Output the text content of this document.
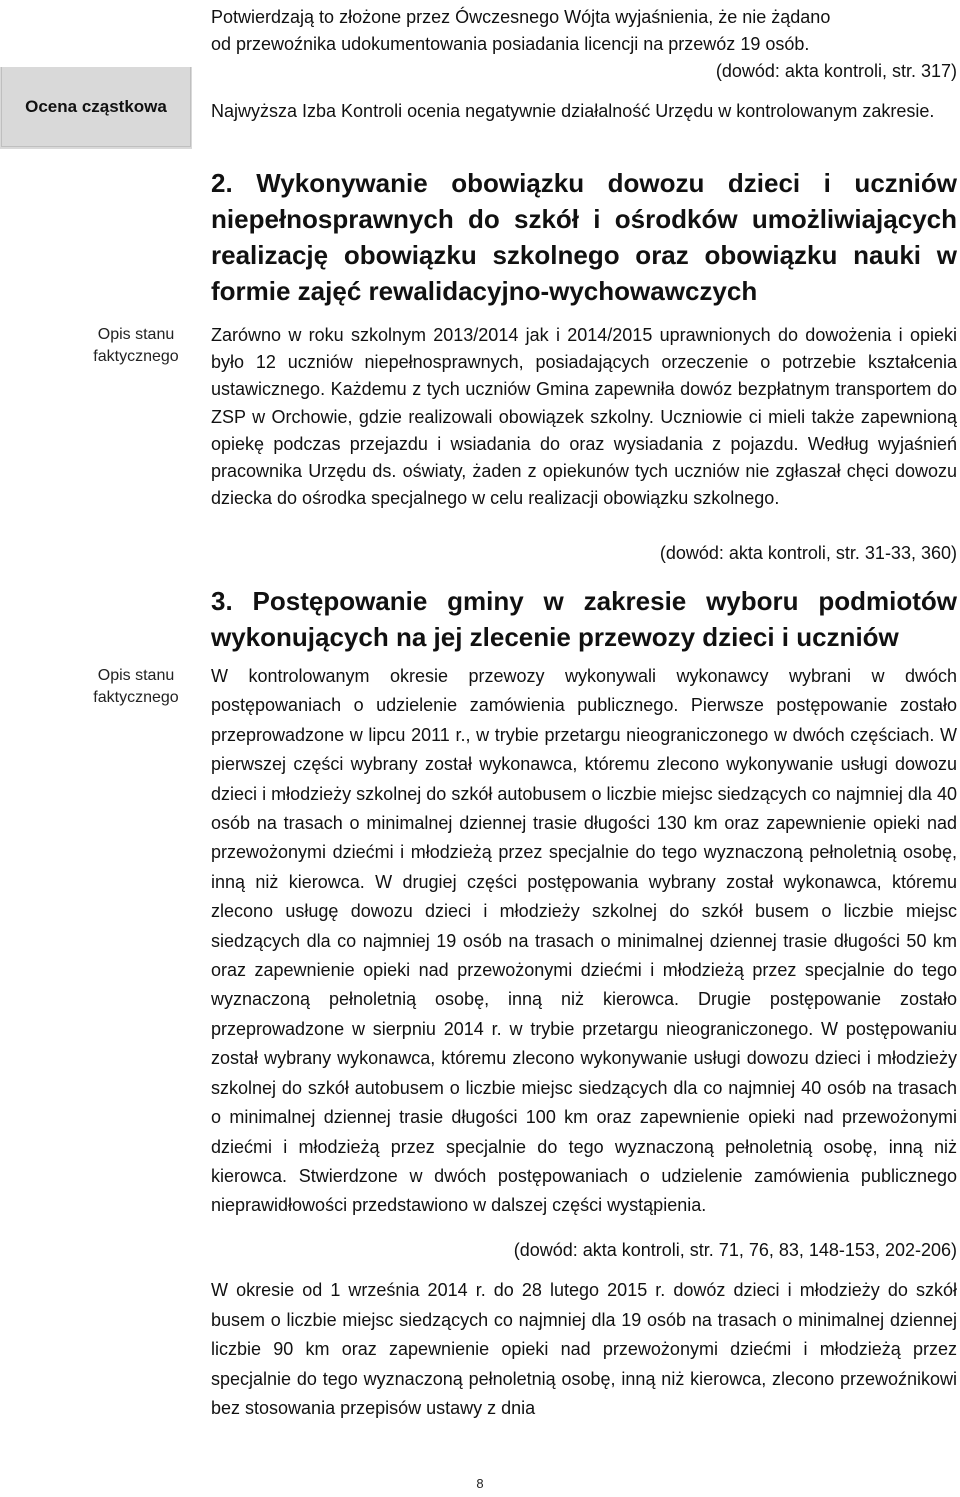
Ocena cząstkowa
Opis stanu faktycznego
Opis stanu faktycznego
Potwierdzają to złożone przez Ówczesnego Wójta wyjaśnienia, że nie żądano
od przewoźnika udokumentowania posiadania licencji na przewóz 19 osób.
(dowód: akta kontroli, str. 317)
Najwyższa Izba Kontroli ocenia negatywnie działalność Urzędu w kontrolowanym zakresie.
2. Wykonywanie obowiązku dowozu dzieci i uczniów niepełnosprawnych do szkół i ośrodków umożliwiających realizację obowiązku szkolnego oraz obowiązku nauki w formie zajęć rewalidacyjno-wychowawczych
Zarówno w roku szkolnym 2013/2014 jak i 2014/2015 uprawnionych do dowożenia i opieki było 12 uczniów niepełnosprawnych, posiadających orzeczenie o potrzebie kształcenia ustawicznego. Każdemu z tych uczniów Gmina zapewniła dowóz bezpłatnym transportem do ZSP w Orchowie, gdzie realizowali obowiązek szkolny. Uczniowie ci mieli także zapewnioną opiekę podczas przejazdu i wsiadania do oraz wysiadania z pojazdu. Według wyjaśnień pracownika Urzędu ds. oświaty, żaden z opiekunów tych uczniów nie zgłaszał chęci dowozu dziecka do ośrodka specjalnego w celu realizacji obowiązku szkolnego.
(dowód: akta kontroli, str. 31-33, 360)
3. Postępowanie gminy w zakresie wyboru podmiotów wykonujących na jej zlecenie przewozy dzieci i uczniów
W kontrolowanym okresie przewozy wykonywali wykonawcy wybrani w dwóch postępowaniach o udzielenie zamówienia publicznego. Pierwsze postępowanie zostało przeprowadzone w lipcu 2011 r., w trybie przetargu nieograniczonego w dwóch częściach. W pierwszej części wybrany został wykonawca, któremu zlecono wykonywanie usługi dowozu dzieci i młodzieży szkolnej do szkół autobusem o liczbie miejsc siedzących co najmniej dla 40 osób na trasach o minimalnej dziennej trasie długości 130 km oraz zapewnienie opieki nad przewożonymi dziećmi i młodzieżą przez specjalnie do tego wyznaczoną pełnoletnią osobę, inną niż kierowca. W drugiej części postępowania wybrany został wykonawca, któremu zlecono usługę dowozu dzieci i młodzieży szkolnej do szkół busem o liczbie miejsc siedzących dla co najmniej 19 osób na trasach o minimalnej dziennej trasie długości 50 km oraz zapewnienie opieki nad przewożonymi dziećmi i młodzieżą przez specjalnie do tego wyznaczoną pełnoletnią osobę, inną niż kierowca. Drugie postępowanie zostało przeprowadzone w sierpniu 2014 r. w trybie przetargu nieograniczonego. W postępowaniu został wybrany wykonawca, któremu zlecono wykonywanie usługi dowozu dzieci i młodzieży szkolnej do szkół autobusem o liczbie miejsc siedzących dla co najmniej 40 osób na trasach o minimalnej dziennej trasie długości 100 km oraz zapewnienie opieki nad przewożonymi dziećmi i młodzieżą przez specjalnie do tego wyznaczoną pełnoletnią osobę, inną niż kierowca. Stwierdzone w dwóch postępowaniach o udzielenie zamówienia publicznego nieprawidłowości przedstawiono w dalszej części wystąpienia.
(dowód: akta kontroli, str. 71, 76, 83, 148-153, 202-206)
W okresie od 1 września 2014 r. do 28 lutego 2015 r. dowóz dzieci i młodzieży do szkół busem o liczbie miejsc siedzących co najmniej dla 19 osób na trasach o minimalnej dziennej liczbie 90 km oraz zapewnienie opieki nad przewożonymi dziećmi i młodzieżą przez specjalnie do tego wyznaczoną pełnoletnią osobę, inną niż kierowca, zlecono przewoźnikowi bez stosowania przepisów ustawy z dnia
8
